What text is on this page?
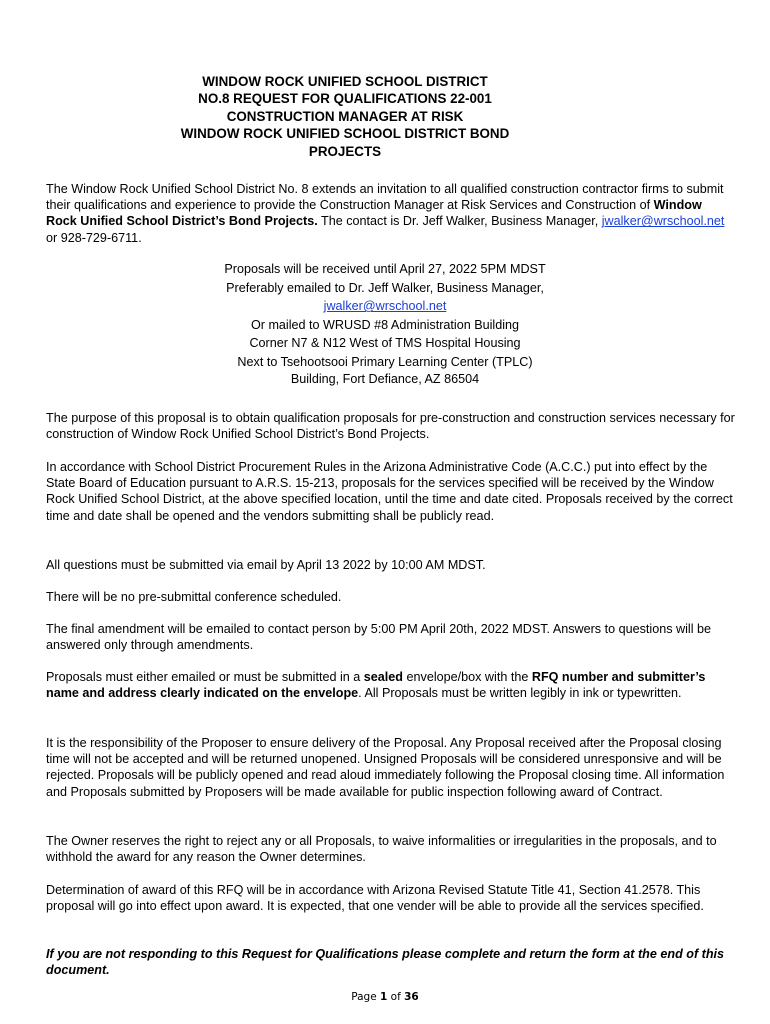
WINDOW ROCK UNIFIED SCHOOL DISTRICT
NO.8 REQUEST FOR QUALIFICATIONS 22-001
CONSTRUCTION MANAGER AT RISK
WINDOW ROCK UNIFIED SCHOOL DISTRICT BOND
PROJECTS

The Window Rock Unified School District No. 8 extends an invitation to all qualified construction contractor firms to submit their qualifications and experience to provide the Construction Manager at Risk Services and Construction of Window Rock Unified School District’s Bond Projects. The contact is Dr. Jeff Walker, Business Manager, jwalker@wrschool.net or 928-729-6711.

Proposals will be received until April 27, 2022 5PM MDST
Preferably emailed to Dr. Jeff Walker, Business Manager,
jwalker@wrschool.net
Or mailed to WRUSD #8 Administration Building
Corner N7 & N12 West of TMS Hospital Housing
Next to Tsehootsooi Primary Learning Center (TPLC)
Building, Fort Defiance, AZ 86504

The purpose of this proposal is to obtain qualification proposals for pre-construction and construction services necessary for construction of Window Rock Unified School District’s Bond Projects.

In accordance with School District Procurement Rules in the Arizona Administrative Code (A.C.C.) put into effect by the State Board of Education pursuant to A.R.S. 15-213, proposals for the services specified will be received by the Window Rock Unified School District, at the above specified location, until the time and date cited. Proposals received by the correct time and date shall be opened and the vendors submitting shall be publicly read.

All questions must be submitted via email by April 13 2022 by 10:00 AM MDST.

There will be no pre-submittal conference scheduled.

The final amendment will be emailed to contact person by 5:00 PM April 20th, 2022 MDST. Answers to questions will be answered only through amendments.

Proposals must either emailed or must be submitted in a sealed envelope/box with the RFQ number and submitter’s name and address clearly indicated on the envelope. All Proposals must be written legibly in ink or typewritten.

It is the responsibility of the Proposer to ensure delivery of the Proposal. Any Proposal received after the Proposal closing time will not be accepted and will be returned unopened. Unsigned Proposals will be considered unresponsive and will be rejected. Proposals will be publicly opened and read aloud immediately following the Proposal closing time. All information and Proposals submitted by Proposers will be made available for public inspection following award of Contract.

The Owner reserves the right to reject any or all Proposals, to waive informalities or irregularities in the proposals, and to withhold the award for any reason the Owner determines.

Determination of award of this RFQ will be in accordance with Arizona Revised Statute Title 41, Section 41.2578. This proposal will go into effect upon award. It is expected, that one vender will be able to provide all the services specified.

If you are not responding to this Request for Qualifications please complete and return the form at the end of this document.

Page 1 of 36
